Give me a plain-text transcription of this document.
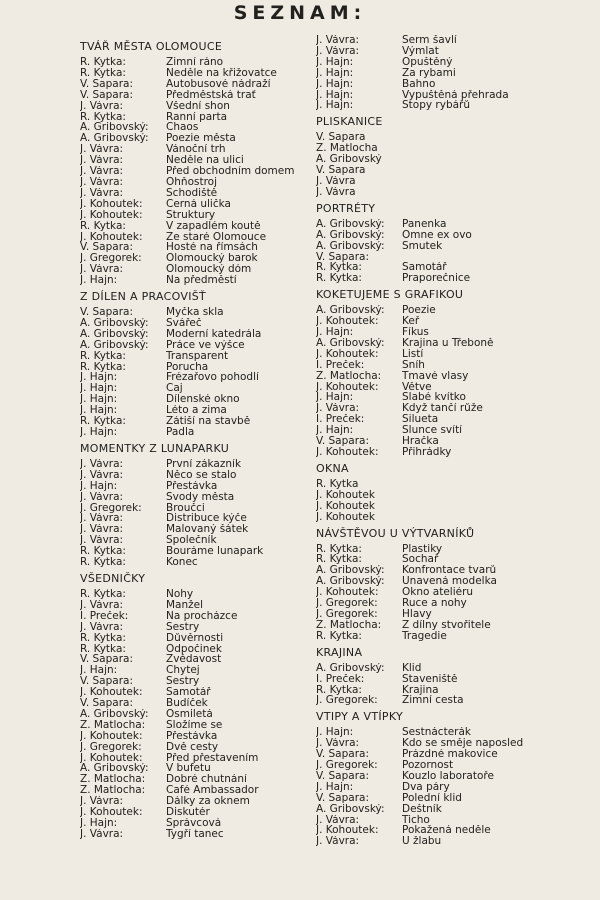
SEZNAM:
TVÁŘ MĚSTA OLOMOUCE
R. Kytka:	Zimní ráno
R. Kytka:	Neděle na křižovatce
V. Sapara:	Autobusové nádraží
V. Sapara:	Předměstská trať
J. Vávra:	Všední shon
R. Kytka:	Ranní parta
A. Gribovský:	Chaos
A. Gribovský:	Poezie města
J. Vávra:	Vánoční trh
J. Vávra:	Neděle na ulici
J. Vávra:	Před obchodním domem
J. Vávra:	Ohňostroj
J. Vávra:	Schodiště
J. Kohoutek:	Černá ulička
J. Kohoutek:	Struktury
R. Kytka:	V zapadlém koutě
J. Kohoutek:	Ze staré Olomouce
V. Sapara:	Hosté na římsách
J. Gregorek:	Olomoucký barok
J. Vávra:	Olomoucký dóm
J. Hajn:	Na předměstí
Z DÍLEN A PRACOVIŠŤ
V. Sapara:	Myčka skla
A. Gribovský:	Svářeč
A. Gribovský:	Moderní katedrála
A. Gribovský:	Práce ve výšce
R. Kytka:	Transparent
R. Kytka:	Porucha
J. Hajn:	Frézařovo pohodlí
J. Hajn:	Čaj
J. Hajn:	Dílenské okno
J. Hajn:	Léto a zima
R. Kytka:	Zátiší na stavbě
J. Hajn:	Padla
MOMENTKY Z LUNAPARKU
J. Vávra:	První zákazník
J. Vávra:	Něco se stalo
J. Hajn:	Přestávka
J. Vávra:	Svody města
J. Gregorek:	Broučci
J. Vávra:	Distribuce kýče
J. Vávra:	Malovaný šátek
J. Vávra:	Společník
R. Kytka:	Bouráme lunapark
R. Kytka:	Konec
VŠEDNIČKY
R. Kytka:	Nohy
J. Vávra:	Manžel
I. Preček:	Na procházce
J. Vávra:	Sestry
R. Kytka:	Důvěrnosti
R. Kytka:	Odpočinek
V. Sapara:	Zvědavost
J. Hajn:	Chytej
V. Sapara:	Sestry
J. Kohoutek:	Samotář
V. Sapara:	Budíček
A. Gribovský:	Osmiletá
Z. Matlocha:	Složíme se
J. Kohoutek:	Přestávka
J. Gregorek:	Dvě cesty
J. Kohoutek:	Před přestavením
A. Gribovský:	V bufetu
Z. Matlocha:	Dobré chutnání
Z. Matlocha:	Café Ambassador
J. Vávra:	Dálky za oknem
J. Kohoutek:	Diskutér
J. Hajn:	Správcová
J. Vávra:	Tygří tanec
J. Vávra:	Šerm šavlí
J. Vávra:	Výmlat
J. Hajn:	Opuštěný
J. Hajn:	Za rybami
J. Hajn:	Bahno
J. Hajn:	Vypuštěná přehrada
J. Hajn:	Stopy rybářů
PLISKANICE
V. Sapara
Z. Matlocha
A. Gribovský
V. Sapara
J. Vávra
J. Vávra
PORTRÉTY
A. Gribovský:	Panenka
A. Gribovský:	Omne ex ovo
A. Gribovský:	Smutek
V. Sapara:
R. Kytka:	Samotář
R. Kytka:	Praporečnice
KOKETUJEME S GRAFIKOU
A. Gribovský:	Poezie
J. Kohoutek:	Keř
J. Hajn:	Fíkus
A. Gribovský:	Krajina u Třeboně
J. Kohoutek:	Listí
I. Preček:	Sníh
Z. Matlocha:	Tmavé vlasy
J. Kohoutek:	Větve
J. Hajn:	Slabé kvítko
J. Vávra:	Když tančí růže
I. Preček:	Silueta
J. Hajn:	Slunce svítí
V. Sapara:	Hračka
J. Kohoutek:	Přihrádky
OKNA
R. Kytka
J. Kohoutek
J. Kohoutek
J. Kohoutek
NÁVŠTĚVOU U VÝTVARNÍKŮ
R. Kytka:	Plastiky
R. Kytka:	Sochař
A. Gribovský:	Konfrontace tvarů
A. Gribovský:	Unavená modelka
J. Kohoutek:	Okno ateliéru
J. Gregorek:	Ruce a nohy
J. Gregorek:	Hlavy
Z. Matlocha:	Z dílny stvořitele
R. Kytka:	Tragedie
KRAJINA
A. Gribovský:	Klid
I. Preček:	Staveniště
R. Kytka:	Krajina
J. Gregorek:	Zimní cesta
VTIPY A VTÍPKY
J. Hajn:	Šestnácterák
J. Vávra:	Kdo se směje naposled
V. Sapara:	Prázdné makovice
J. Gregorek:	Pozornost
V. Sapara:	Kouzlo laboratoře
J. Hajn:	Dva páry
V. Sapara:	Polední klid
A. Gribovský:	Deštník
J. Vávra:	Ticho
J. Kohoutek:	Pokažená neděle
J. Vávra:	U žlabu
